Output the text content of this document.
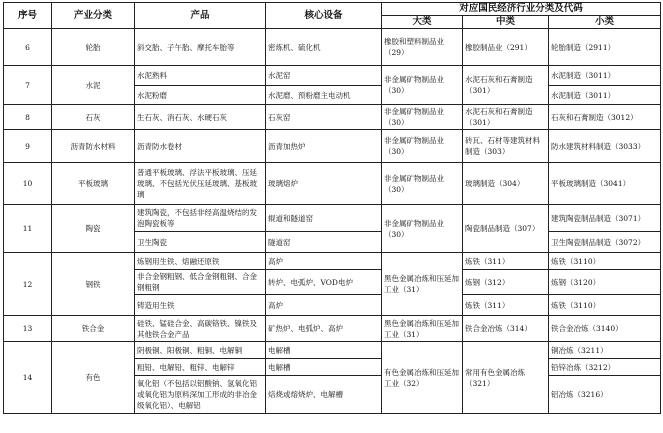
序号	产业分类	产品	核心设备	对应国民经济行业分类及代码		
				大类	中类	小类
6	轮胎	斜交胎、子午胎、摩托车胎等	密炼机、硫化机	橡胶和塑料制品业（29）	橡胶制品业（291）	轮胎制造（2911）
7	水泥	水泥熟料	水泥窑	非金属矿物制品业（30）	水泥石灰和石膏制造（301）	水泥制造（3011）
		水泥粉磨	水泥磨、预粉磨主电动机			水泥制造（3011）
8	石灰	生石灰、消石灰、水硬石灰	石灰窑	非金属矿物制品业（30）	水泥石灰和石膏制造（301）	石灰和石膏制造（3012）
9	沥青防水材料	沥青防水卷材	沥青加热炉	非金属矿物制品业（30）	砖瓦、石材等建筑材料制造（303）	防水建筑材料制造（3033）
10	平板玻璃	普通平板玻璃、浮法平板玻璃、压延玻璃、不包括光伏压延玻璃、基板玻璃	玻璃熔炉	非金属矿物制品业（30）	玻璃制造（304）	平板玻璃制造（3041）
11	陶瓷	建筑陶瓷，不包括非经高温烧结的发泡陶瓷板等	辊道和隧道窑	非金属矿物制品业（30）	陶瓷制品制造（307）	建筑陶瓷制品制造（3071）
		卫生陶瓷	隧道窑			卫生陶瓷制品制造（3072）
12	钢铁	炼钢用生铁、熔融还原铁	高炉	黑色金属冶炼和压延加工业（31）	炼铁（311）	炼铁（3110）
		非合金钢粗钢、低合金钢粗钢、合金钢粗钢	转炉、电弧炉、VOD电炉		炼钢（312）	炼钢（3120）
		铸造用生铁	高炉		炼铁（311）	炼铁（3110）
13	铁合金	硅铁、锰硅合金、高碳铬铁、镍铁及其他铁合金产品	矿热炉、电弧炉、高炉	黑色金属冶炼和压延加工业（31）	铁合金冶炼（314）	铁合金冶炼（3140）
14	有色	阴极铜、阳极铜、粗铜、电解铜	电解槽	有色金属冶炼和压延加工业（32）	常用有色金属冶炼（321）	铜冶炼（3211）
		粗铅、电解铅、粗锌、电解锌	电解槽			铅锌冶炼（3212）
		氧化铝（不包括以铝酸钠、氢氧化铝或氧化铝为原料深加工形成的非冶金级氧化铝）、电解铝	焙烧或熔烧炉、电解槽			铝冶炼（3216）
